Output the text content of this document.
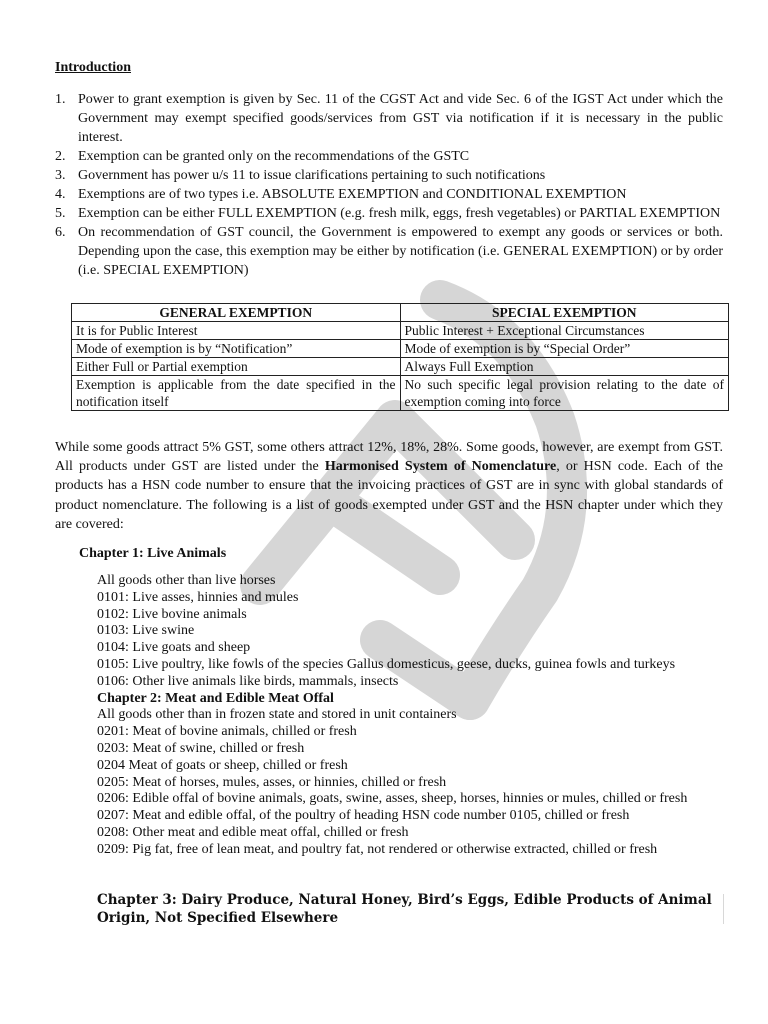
Introduction
1. Power to grant exemption is given by Sec. 11 of the CGST Act and vide Sec. 6 of the IGST Act under which the Government may exempt specified goods/services from GST via notification if it is necessary in the public interest.
2. Exemption can be granted only on the recommendations of the GSTC
3. Government has power u/s 11 to issue clarifications pertaining to such notifications
4. Exemptions are of two types i.e. ABSOLUTE EXEMPTION and CONDITIONAL EXEMPTION
5. Exemption can be either FULL EXEMPTION (e.g. fresh milk, eggs, fresh vegetables) or PARTIAL EXEMPTION
6. On recommendation of GST council, the Government is empowered to exempt any goods or services or both. Depending upon the case, this exemption may be either by notification (i.e. GENERAL EXEMPTION) or by order (i.e. SPECIAL EXEMPTION)
GENERAL EXEMPTION	SPECIAL EXEMPTION
It is for Public Interest	Public Interest + Exceptional Circumstances
Mode of exemption is by “Notification”	Mode of exemption is by “Special Order”
Either Full or Partial exemption	Always Full Exemption
Exemption is applicable from the date specified in the notification itself	No such specific legal provision relating to the date of exemption coming into force

While some goods attract 5% GST, some others attract 12%, 18%, 28%. Some goods, however, are exempt from GST. All products under GST are listed under the Harmonised System of Nomenclature, or HSN code. Each of the products has a HSN code number to ensure that the invoicing practices of GST are in sync with global standards of product nomenclature. The following is a list of goods exempted under GST and the HSN chapter under which they are covered:

Chapter 1: Live Animals
All goods other than live horses
0101: Live asses, hinnies and mules
0102: Live bovine animals
0103: Live swine
0104: Live goats and sheep
0105: Live poultry, like fowls of the species Gallus domesticus, geese, ducks, guinea fowls and turkeys
0106: Other live animals like birds, mammals, insects
Chapter 2: Meat and Edible Meat Offal
All goods other than in frozen state and stored in unit containers
0201: Meat of bovine animals, chilled or fresh
0203: Meat of swine, chilled or fresh
0204 Meat of goats or sheep, chilled or fresh
0205: Meat of horses, mules, asses, or hinnies, chilled or fresh
0206: Edible offal of bovine animals, goats, swine, asses, sheep, horses, hinnies or mules, chilled or fresh
0207: Meat and edible offal, of the poultry of heading HSN code number 0105, chilled or fresh
0208: Other meat and edible meat offal, chilled or fresh
0209: Pig fat, free of lean meat, and poultry fat, not rendered or otherwise extracted, chilled or fresh
Chapter 3: Dairy Produce, Natural Honey, Bird’s Eggs, Edible Products of Animal Origin, Not Specified Elsewhere
